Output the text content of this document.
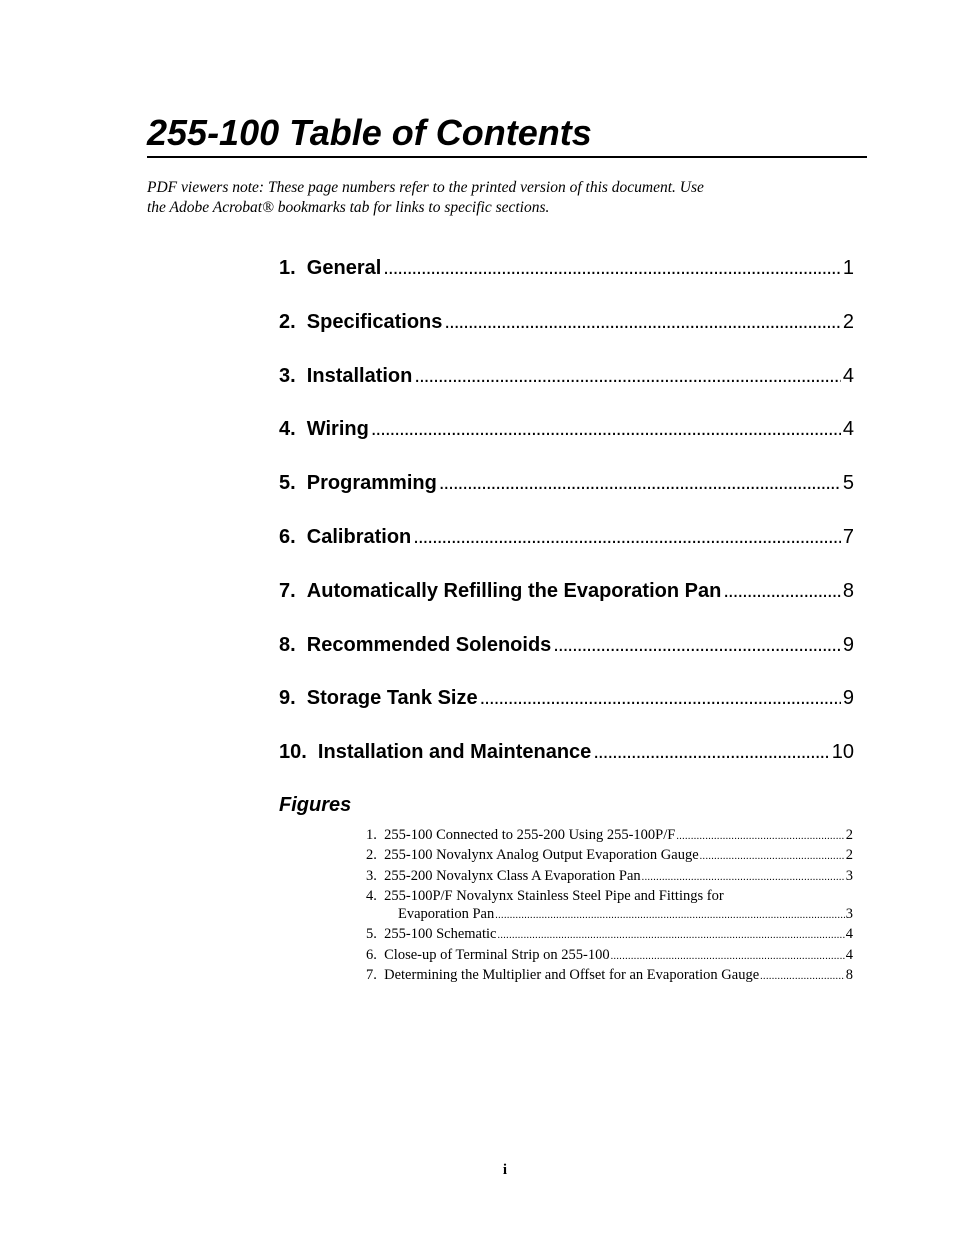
255-100 Table of Contents
PDF viewers note: These page numbers refer to the printed version of this document. Use
the Adobe Acrobat® bookmarks tab for links to specific sections.
1. General . . .	1
2. Specifications . . .	2
3. Installation . . .	4
4. Wiring . . .	4
5. Programming . . .	5
6. Calibration . . .	7
7. Automatically Refilling the Evaporation Pan . . .	8
8. Recommended Solenoids . . .	9
9. Storage Tank Size . . .	9
10. Installation and Maintenance . . .	10
Figures
1. 255-100 Connected to 255-200 Using 255-100P/F .....	2
2. 255-100 Novalynx Analog Output Evaporation Gauge .....	2
3. 255-200 Novalynx Class A Evaporation Pan .....	3
4. 255-100P/F Novalynx Stainless Steel Pipe and Fittings for
Evaporation Pan .....	3
5. 255-100 Schematic .....	4
6. Close-up of Terminal Strip on 255-100 .....	4
7. Determining the Multiplier and Offset for an Evaporation Gauge .....	8
i
